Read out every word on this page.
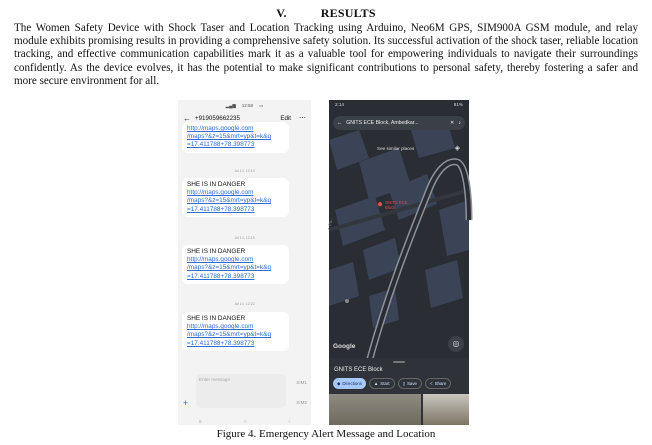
V.	RESULTS

The Women Safety Device with Shock Taser and Location Tracking using Arduino, Neo6M GPS, SIM900A GSM module, and relay module exhibits promising results in providing a comprehensive safety solution. Its successful activation of the shock taser, reliable location tracking, and effective communication capabilities mark it as a valuable tool for empowering individuals to navigate their surroundings confidently. As the device evolves, it has the potential to make significant contributions to personal safety, thereby fostering a safer and more secure environment for all.

▂▄▆ 12:58 ▭
← +919059662235	Edit ⋯
http://maps.google.com
/maps?&z=15&mrt=yp&t=k&q
=17.411788+78.398773
Jul 14, 12:14
SHE IS IN DANGER
http://maps.google.com
/maps?&z=15&mrt=yp&t=k&q
=17.411788+78.398773
Jul 14, 12:19
SHE IS IN DANGER
http://maps.google.com
/maps?&z=15&mrt=yp&t=k&q
=17.411788+78.398773
Jul 14, 12:22
SHE IS IN DANGER
http://maps.google.com
/maps?&z=15&mrt=yp&t=k&q
=17.411788+78.398773
Enter message
SIM1
SIM2
+
≡	○	‹
Pa...
2:14	61%
← GNITS ECE Block, Ambedkar...	✕ ♪
See similar places	◈
● GNITS ECE Block
Google	◎
GNITS ECE Block
◆ Directions	▲ Start	▯ Save	< Share
Figure 4. Emergency Alert Message and Location
